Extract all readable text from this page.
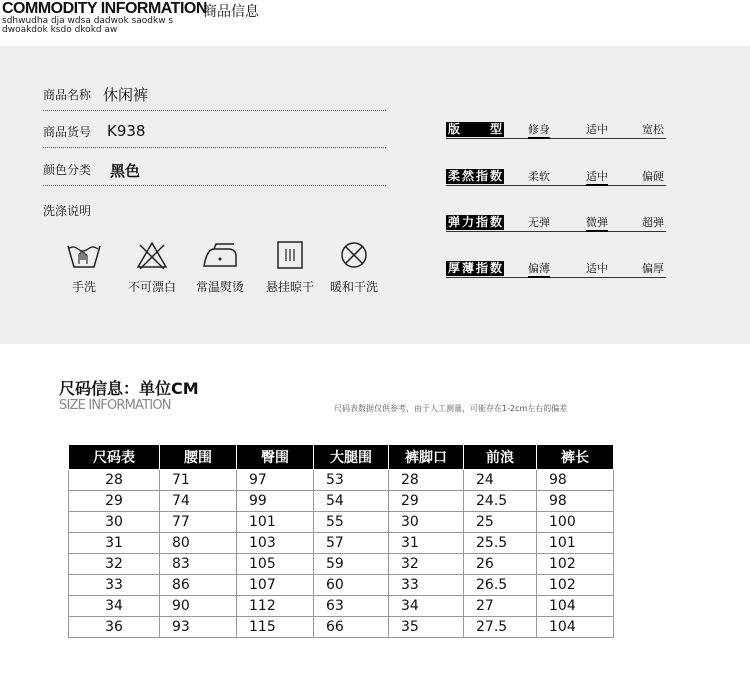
COMMODITY INFORMATION
商品信息
sdhwudha dja wdsa dadwok saodkw s
dwoakdok ksdo dkokd aw
商品名称 休闲裤
商品货号 K938
颜色分类 黑色
洗涤说明
手洗	不可漂白	常温熨烫	悬挂晾干	暖和干洗
版　型 修身	适中	宽松
柔然指数 柔软	适中	偏硬
弹力指数 无弹	微弹	超弹
厚薄指数 偏薄	适中	偏厚
尺码信息：单位CM
SIZE INFORMATION	尺码表数据仅供参考，由于人工测量，可能存在1-2cm左右的偏差
尺码表	腰围	臀围	大腿围	裤脚口	前浪	裤长
28	71	97	53	28	24	98
29	74	99	54	29	24.5	98
30	77	101	55	30	25	100
31	80	103	57	31	25.5	101
32	83	105	59	32	26	102
33	86	107	60	33	26.5	102
34	90	112	63	34	27	104
36	93	115	66	35	27.5	104
